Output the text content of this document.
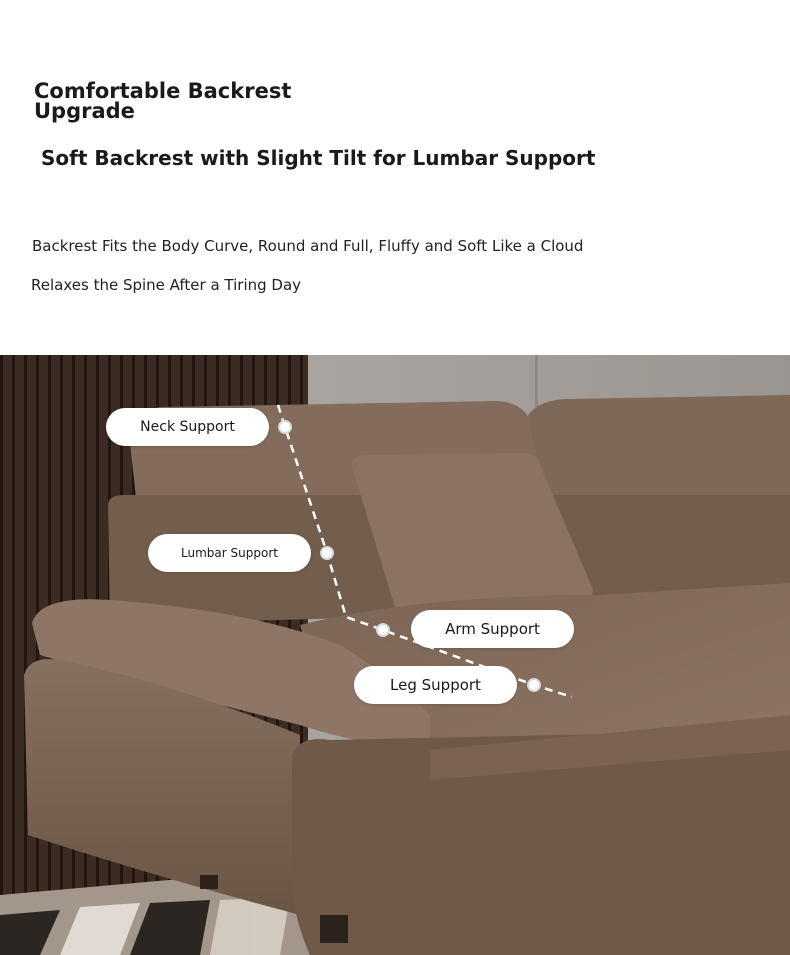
Comfortable Backrest Upgrade
Soft Backrest with Slight Tilt for Lumbar Support

Backrest Fits the Body Curve, Round and Full, Fluffy and Soft Like a Cloud

Relaxes the Spine After a Tiring Day

Neck Support
Lumbar Support
Arm Support
Leg Support
